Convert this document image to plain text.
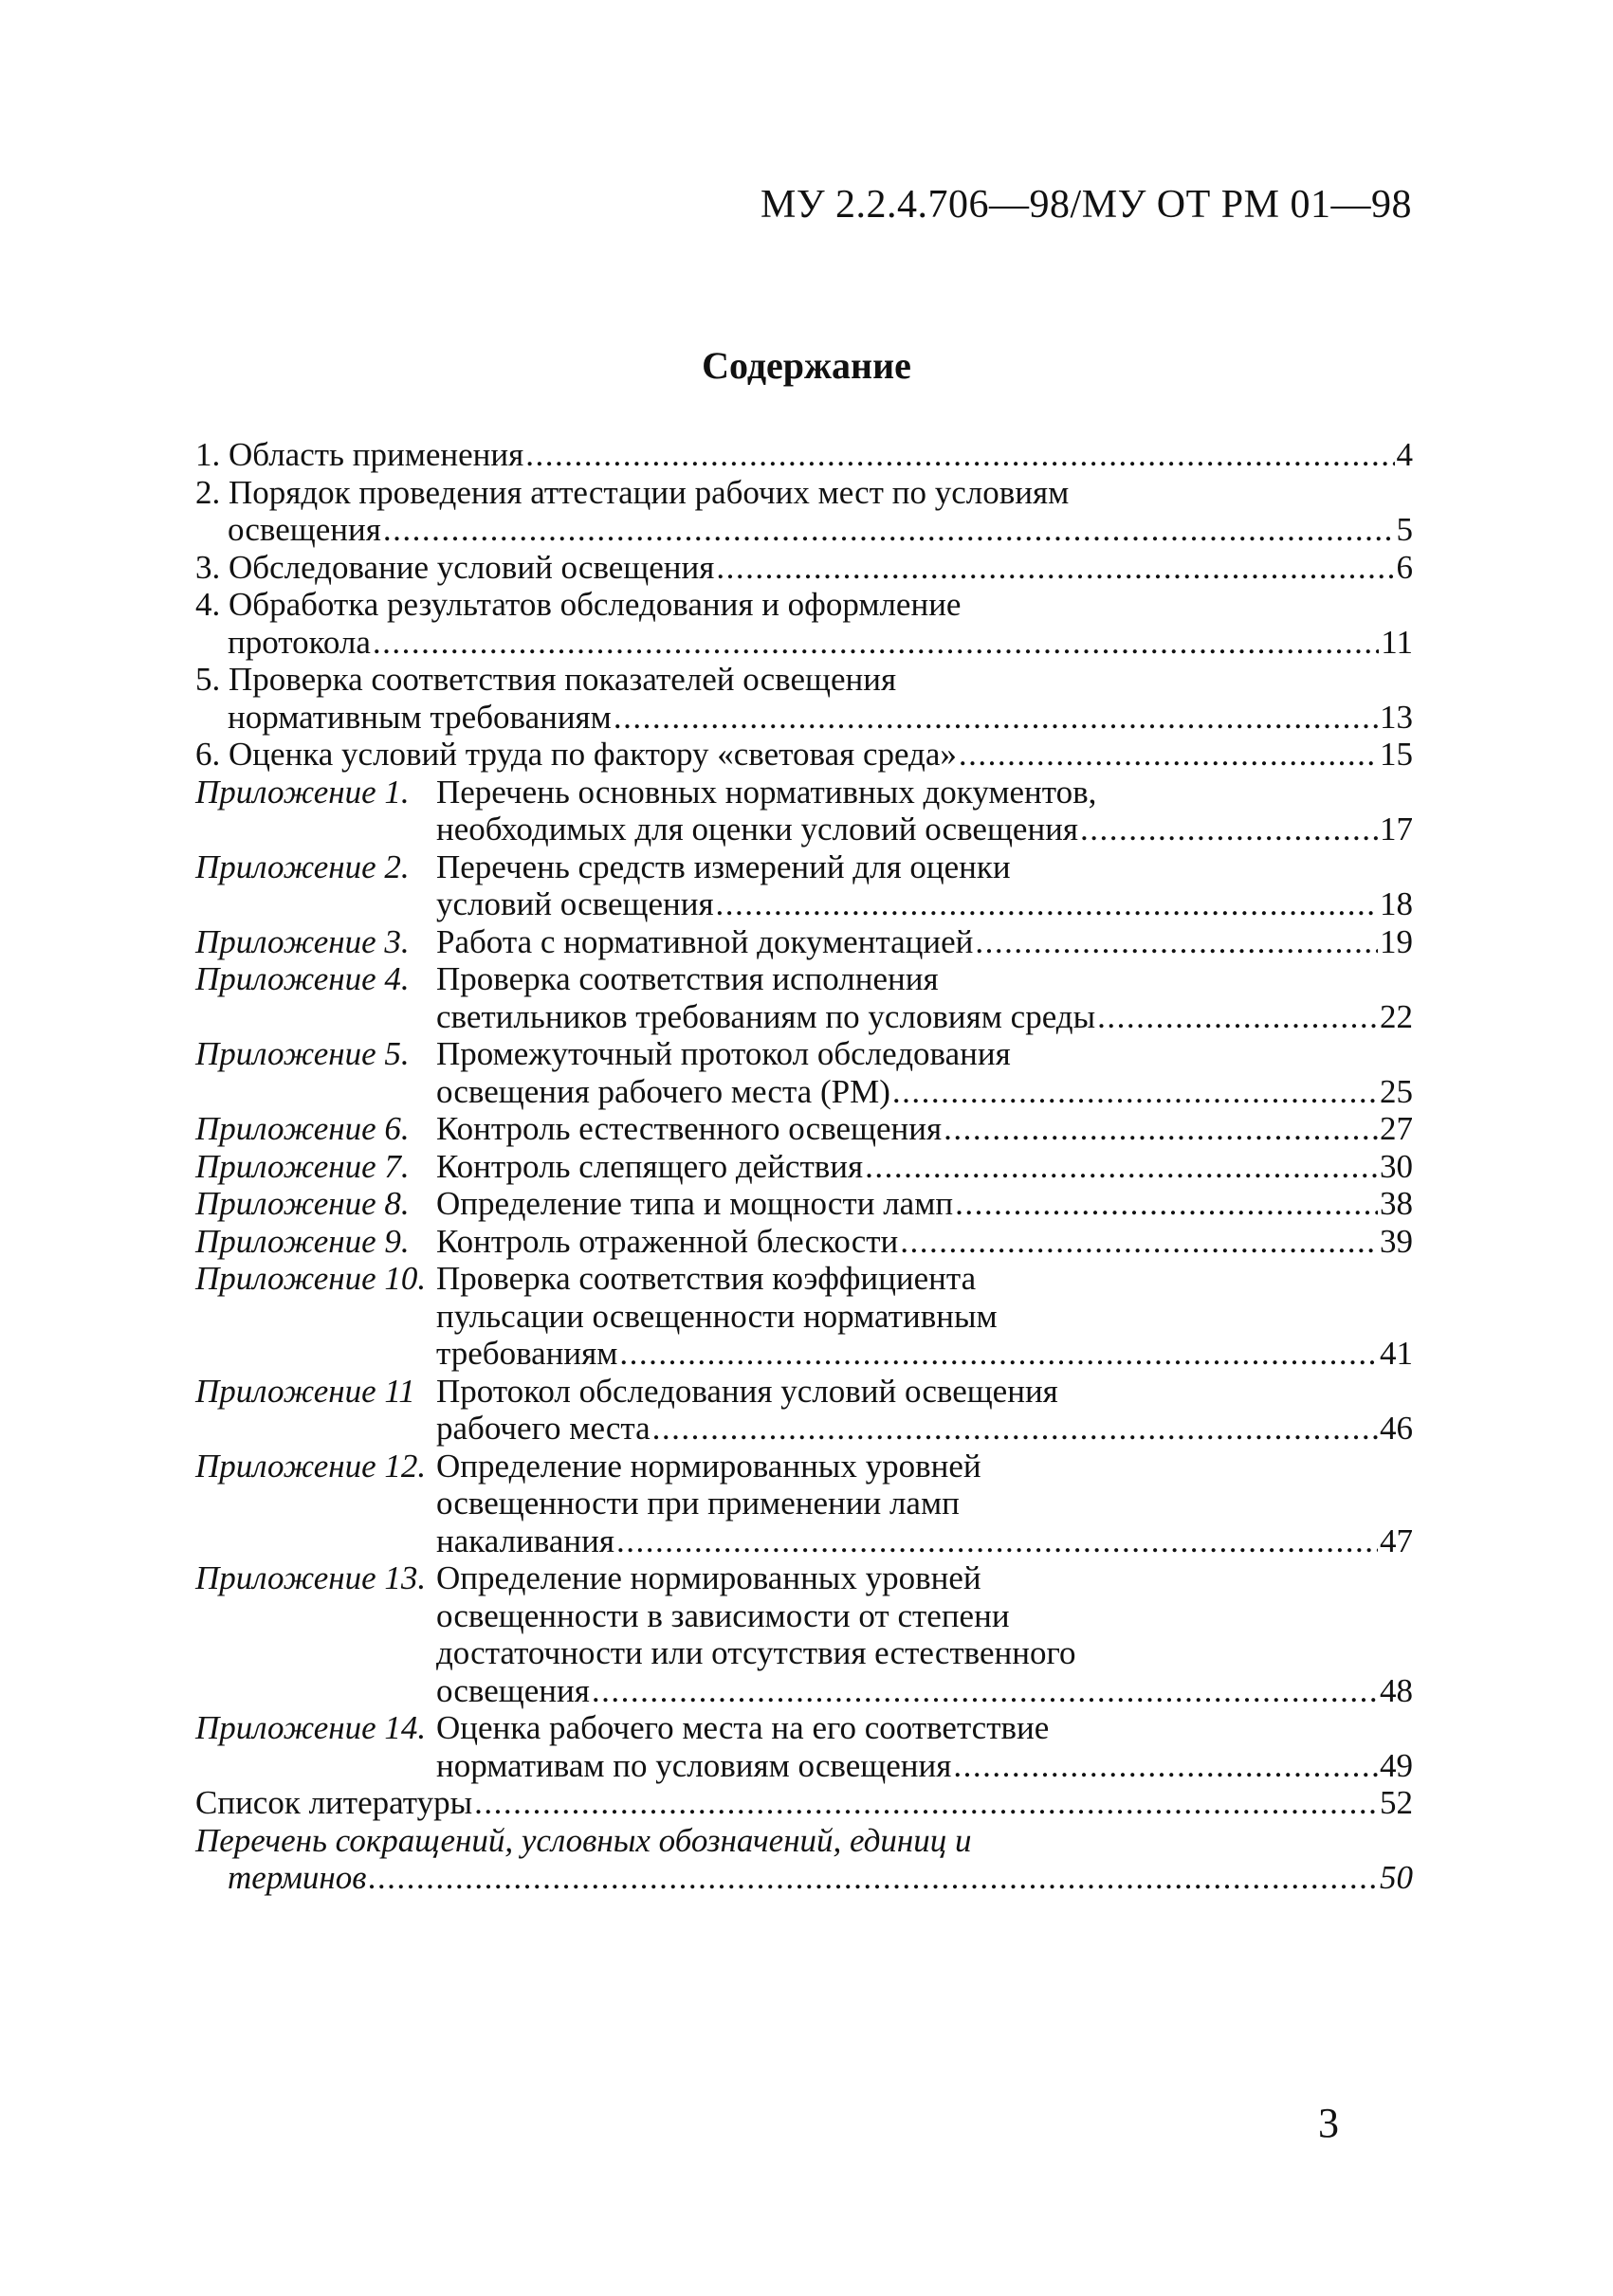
МУ 2.2.4.706—98/МУ ОТ РМ 01—98
Содержание
1. Область применения .....	4
2. Порядок проведения аттестации рабочих мест по условиям
освещения .....	5
3. Обследование условий освещения .....	6
4. Обработка результатов обследования и оформление
протокола .....	11
5. Проверка соответствия показателей освещения
нормативным требованиям .....	13
6. Оценка условий труда по фактору «световая среда» .....	15
Приложение 1. Перечень основных нормативных документов,
необходимых для оценки условий освещения .....	17
Приложение 2. Перечень средств измерений для оценки
условий освещения .....	18
Приложение 3. Работа с нормативной документацией .....	19
Приложение 4. Проверка соответствия исполнения
светильников требованиям по условиям среды .....	22
Приложение 5. Промежуточный протокол обследования
освещения рабочего места (РМ) .....	25
Приложение 6. Контроль естественного освещения .....	27
Приложение 7. Контроль слепящего действия .....	30
Приложение 8. Определение типа и мощности ламп .....	38
Приложение 9. Контроль отраженной блескости .....	39
Приложение 10. Проверка соответствия коэффициента
пульсации освещенности нормативным
требованиям .....	41
Приложение 11 Протокол обследования условий освещения
рабочего места .....	46
Приложение 12. Определение нормированных уровней
освещенности при применении ламп
накаливания .....	47
Приложение 13. Определение нормированных уровней
освещенности в зависимости от степени
достаточности или отсутствия естественного
освещения .....	48
Приложение 14. Оценка рабочего места на его соответствие
нормативам по условиям освещения .....	49
Список литературы .....	52
Перечень сокращений, условных обозначений, единиц и
терминов .....	50
3
